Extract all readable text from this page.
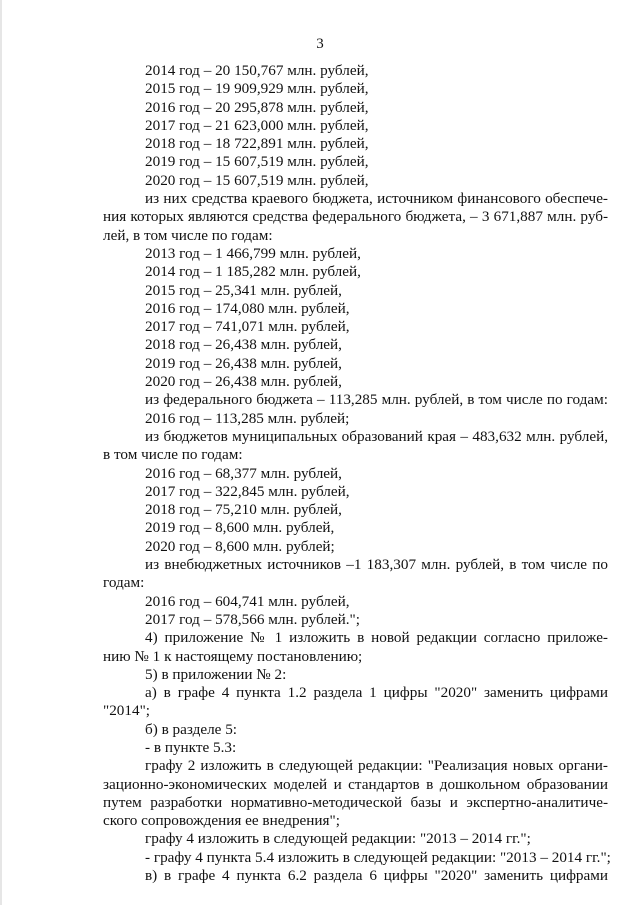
3
2014 год – 20 150,767 млн. рублей,
2015 год – 19 909,929 млн. рублей,
2016 год – 20 295,878 млн. рублей,
2017 год – 21 623,000 млн. рублей,
2018 год – 18 722,891 млн. рублей,
2019 год – 15 607,519 млн. рублей,
2020 год – 15 607,519 млн. рублей,
из них средства краевого бюджета, источником финансового обеспече-
ния которых являются средства федерального бюджета, – 3 671,887 млн. руб-
лей, в том числе по годам:
2013 год – 1 466,799 млн. рублей,
2014 год – 1 185,282 млн. рублей,
2015 год – 25,341 млн. рублей,
2016 год – 174,080 млн. рублей,
2017 год – 741,071 млн. рублей,
2018 год – 26,438 млн. рублей,
2019 год – 26,438 млн. рублей,
2020 год – 26,438 млн. рублей,
из федерального бюджета – 113,285 млн. рублей, в том числе по годам:
2016 год – 113,285 млн. рублей;
из бюджетов муниципальных образований края – 483,632 млн. рублей,
в том числе по годам:
2016 год – 68,377 млн. рублей,
2017 год – 322,845 млн. рублей,
2018 год – 75,210 млн. рублей,
2019 год – 8,600 млн. рублей,
2020 год – 8,600 млн. рублей;
из внебюджетных источников –1 183,307 млн. рублей, в том числе по
годам:
2016 год – 604,741 млн. рублей,
2017 год – 578,566 млн. рублей.";
4) приложение № 1 изложить в новой редакции согласно приложе-
нию № 1 к настоящему постановлению;
5) в приложении № 2:
а) в графе 4 пункта 1.2 раздела 1 цифры "2020" заменить цифрами
"2014";
б) в разделе 5:
- в пункте 5.3:
графу 2 изложить в следующей редакции: "Реализация новых органи-
зационно-экономических моделей и стандартов в дошкольном образовании
путем разработки нормативно-методической базы и экспертно-аналитиче-
ского сопровождения ее внедрения";
графу 4 изложить в следующей редакции: "2013 – 2014 гг.";
- графу 4 пункта 5.4 изложить в следующей редакции: "2013 – 2014 гг.";
в) в графе 4 пункта 6.2 раздела 6 цифры "2020" заменить цифрами
